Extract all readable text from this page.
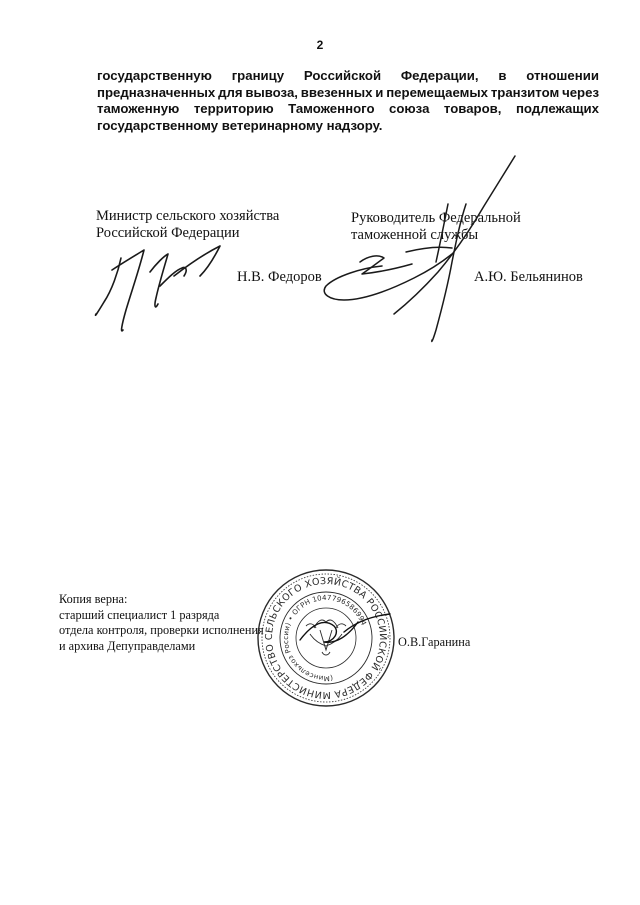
2
государственную границу Российской Федерации, в отношении
предназначенных для вывоза, ввезенных и перемещаемых транзитом через
таможенную территорию Таможенного союза товаров, подлежащих
государственному
ветеринарному
надзору.
Министр сельского хозяйства
Российской Федерации
Н.В. Федоров
Руководитель Федеральной
таможенной службы
А.Ю. Бельянинов
Копия верна:
старший специалист 1 разряда
отдела контроля, проверки исполнения
и архива Депуправделами	О.В.Гаранина
МИНИСТЕРСТВО СЕЛЬСКОГО ХОЗЯЙСТВА РОССИЙСКОЙ ФЕДЕРАЦИИ
(Минсельхоз России) • ОГРН 1047796586994
